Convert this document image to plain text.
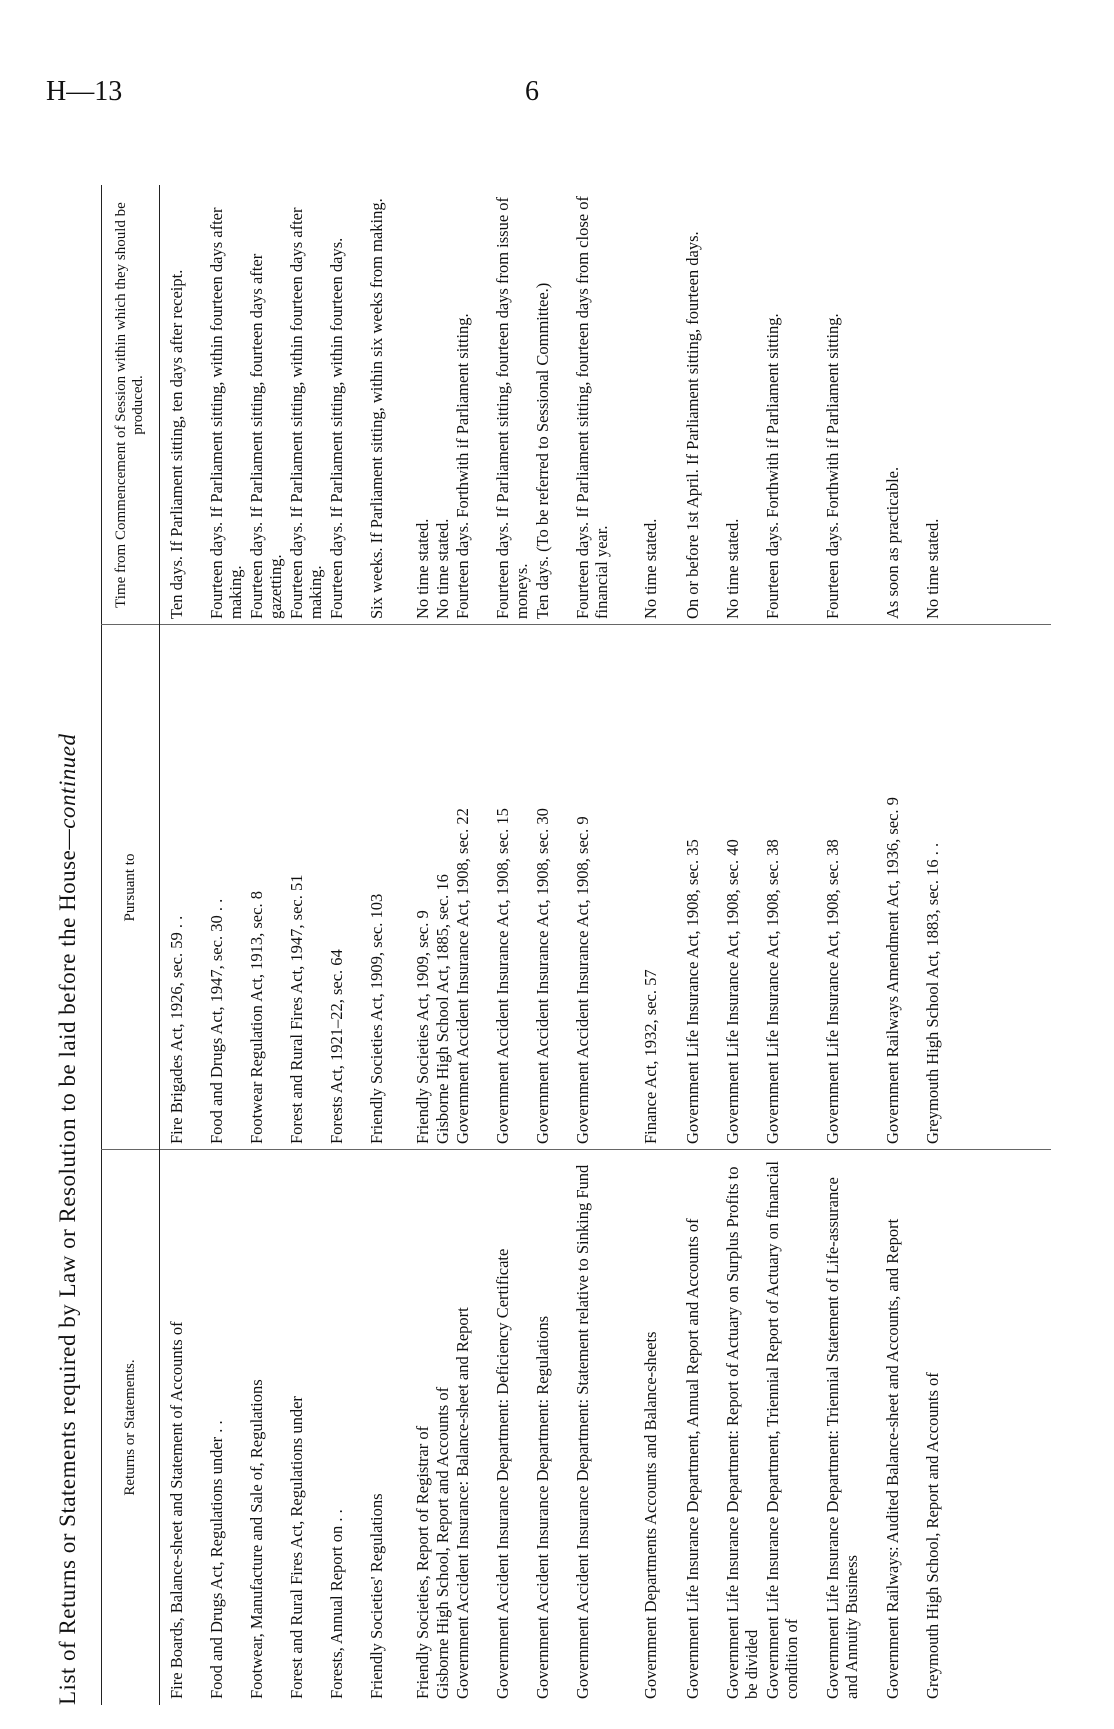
H—13	6
List of Returns or Statements required by Law or Resolution to be laid before the House—continued
Returns or Statements.
Pursuant to
Time from Commencement of Session within which they should be produced.
Fire Boards, Balance-sheet and Statement of Accounts of
Fire Brigades Act, 1926, sec. 59 . .
Ten days. If Parliament sitting, ten days after receipt.
Food and Drugs Act, Regulations under . .
Food and Drugs Act, 1947, sec. 30 . .
Fourteen days. If Parliament sitting, within fourteen days after making.
Footwear, Manufacture and Sale of, Regulations
Footwear Regulation Act, 1913, sec. 8
Fourteen days. If Parliament sitting, fourteen days after gazetting.
Forest and Rural Fires Act, Regulations under
Forest and Rural Fires Act, 1947, sec. 51
Fourteen days. If Parliament sitting, within fourteen days after making.
Forests, Annual Report on . .
Forests Act, 1921–22, sec. 64
Fourteen days. If Parliament sitting, within fourteen days.
Friendly Societies' Regulations
Friendly Societies Act, 1909, sec. 103
Six weeks. If Parliament sitting, within six weeks from making.
Friendly Societies, Report of Registrar of
Friendly Societies Act, 1909, sec. 9
No time stated.
Gisborne High School, Report and Accounts of
Gisborne High School Act, 1885, sec. 16
No time stated.
Government Accident Insurance: Balance-sheet and Report
Government Accident Insurance Act, 1908, sec. 22
Fourteen days. Forthwith if Parliament sitting.
Government Accident Insurance Department: Deficiency Certificate
Government Accident Insurance Act, 1908, sec. 15
Fourteen days. If Parliament sitting, fourteen days from issue of moneys.
Government Accident Insurance Department: Regulations
Government Accident Insurance Act, 1908, sec. 30
Ten days. (To be referred to Sessional Committee.)
Government Accident Insurance Department: Statement relative to Sinking Fund
Government Accident Insurance Act, 1908, sec. 9
Fourteen days. If Parliament sitting, fourteen days from close of financial year.
Government Departments Accounts and Balance-sheets
Finance Act, 1932, sec. 57
No time stated.
Government Life Insurance Department, Annual Report and Accounts of
Government Life Insurance Act, 1908, sec. 35
On or before 1st April. If Parliament sitting, fourteen days.
Government Life Insurance Department: Report of Actuary on Surplus Profits to be divided
Government Life Insurance Act, 1908, sec. 40
No time stated.
Government Life Insurance Department, Triennial Report of Actuary on financial condition of
Government Life Insurance Act, 1908, sec. 38
Fourteen days. Forthwith if Parliament sitting.
Government Life Insurance Department: Triennial Statement of Life-assurance and Annuity Business
Government Life Insurance Act, 1908, sec. 38
Fourteen days. Forthwith if Parliament sitting.
Government Railways: Audited Balance-sheet and Accounts, and Report
Government Railways Amendment Act, 1936, sec. 9
As soon as practicable.
Greymouth High School, Report and Accounts of
Greymouth High School Act, 1883, sec. 16 . .
No time stated.
